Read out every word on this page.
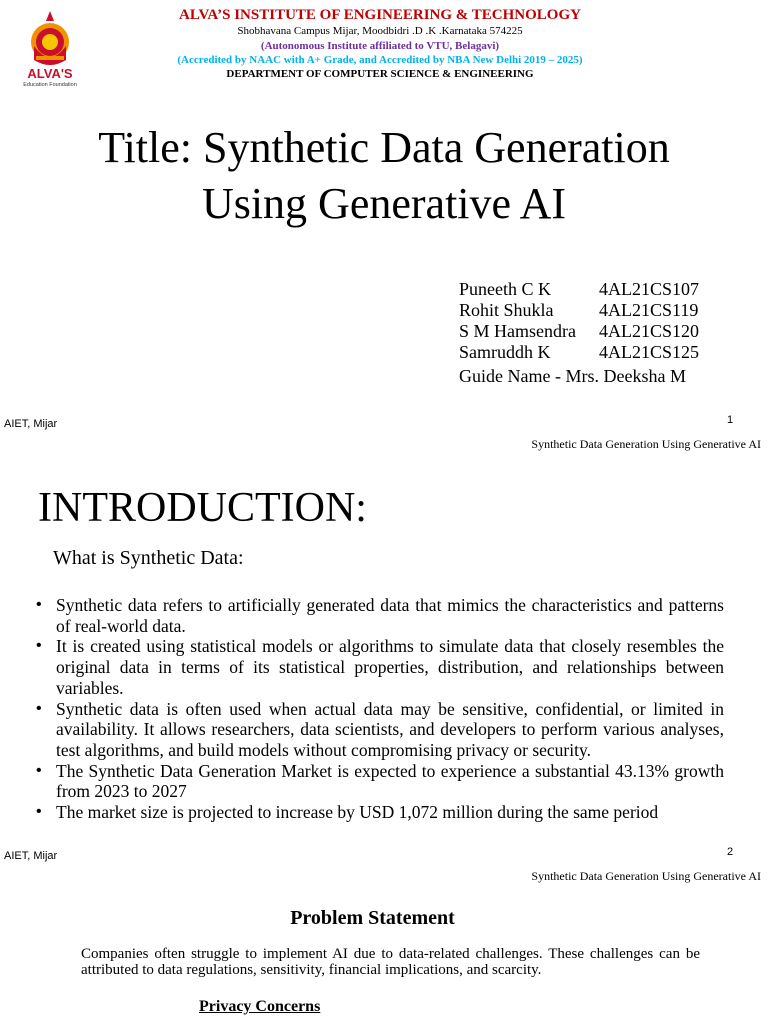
ALVA'S
Education Foundation
ALVA’S INSTITUTE OF ENGINEERING & TECHNOLOGY
Shobhavana Campus Mijar, Moodbidri .D .K .Karnataka 574225
(Autonomous Institute affiliated to VTU, Belagavi)
(Accredited by NAAC with A+ Grade, and Accredited by NBA New Delhi 2019 – 2025)
DEPARTMENT OF COMPUTER SCIENCE & ENGINEERING
Title: Synthetic Data Generation
Using Generative AI
Puneeth C K	4AL21CS107
Rohit Shukla	4AL21CS119
S M Hamsendra	4AL21CS120
Samruddh K	4AL21CS125
Guide Name - Mrs. Deeksha M
AIET, Mijar	1
Synthetic Data Generation Using Generative AI
INTRODUCTION:
What is Synthetic Data:
• Synthetic data refers to artificially generated data that mimics the characteristics and patterns of real-world data.
• It is created using statistical models or algorithms to simulate data that closely resembles the original data in terms of its statistical properties, distribution, and relationships between variables.
• Synthetic data is often used when actual data may be sensitive, confidential, or limited in availability. It allows researchers, data scientists, and developers to perform various analyses, test algorithms, and build models without compromising privacy or security.
• The Synthetic Data Generation Market is expected to experience a substantial 43.13% growth from 2023 to 2027
• The market size is projected to increase by USD 1,072 million during the same period
AIET, Mijar	2
Synthetic Data Generation Using Generative AI
Problem Statement
Companies often struggle to implement AI due to data-related challenges. These challenges can be attributed to data regulations, sensitivity, financial implications, and scarcity.
Privacy Concerns
